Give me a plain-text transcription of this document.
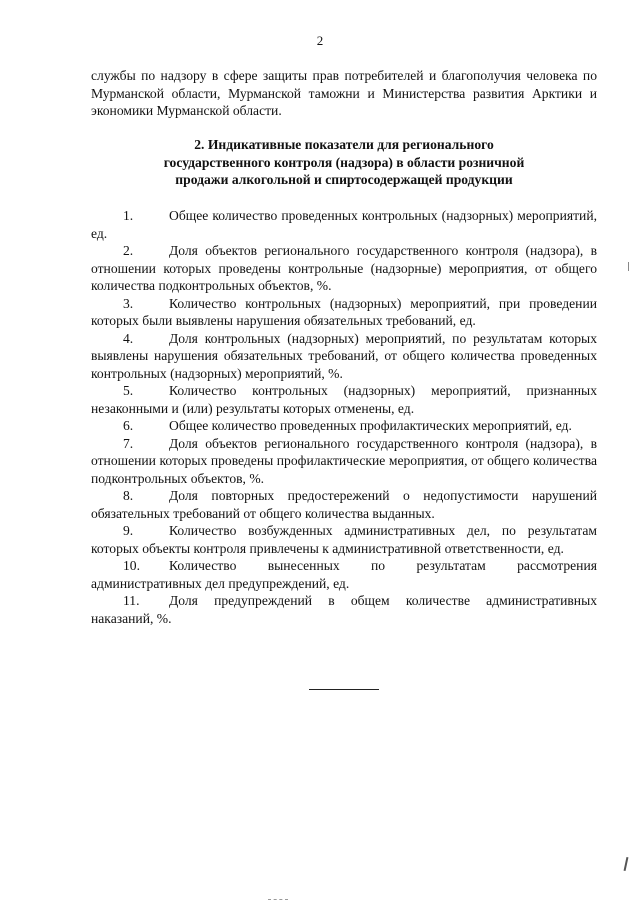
2

службы по надзору в сфере защиты прав потребителей и благополучия человека по Мурманской области, Мурманской таможни и Министерства развития Арктики и экономики Мурманской области.

2. Индикативные показатели для регионального
государственного контроля (надзора) в области розничной
продажи алкогольной и спиртосодержащей продукции

1.	Общее количество проведенных контрольных (надзорных) мероприятий, ед.

2.	Доля объектов регионального государственного контроля (надзора), в отношении которых проведены контрольные (надзорные) мероприятия, от общего количества подконтрольных объектов, %.

3.	Количество контрольных (надзорных) мероприятий, при проведении которых были выявлены нарушения обязательных требований, ед.

4.	Доля контрольных (надзорных) мероприятий, по результатам которых выявлены нарушения обязательных требований, от общего количества проведенных контрольных (надзорных) мероприятий, %.

5.	Количество контрольных (надзорных) мероприятий, признанных незаконными и (или) результаты которых отменены, ед.

6.	Общее количество проведенных профилактических мероприятий, ед.

7.	Доля объектов регионального государственного контроля (надзора), в отношении которых проведены профилактические мероприятия, от общего количества подконтрольных объектов, %.

8.	Доля повторных предостережений о недопустимости нарушений обязательных требований от общего количества выданных.

9.	Количество возбужденных административных дел, по результатам которых объекты контроля привлечены к административной ответственности, ед.

10. Количество вынесенных по результатам рассмотрения административных дел предупреждений, ед.

11. Доля предупреждений в общем количестве административных наказаний, %.
